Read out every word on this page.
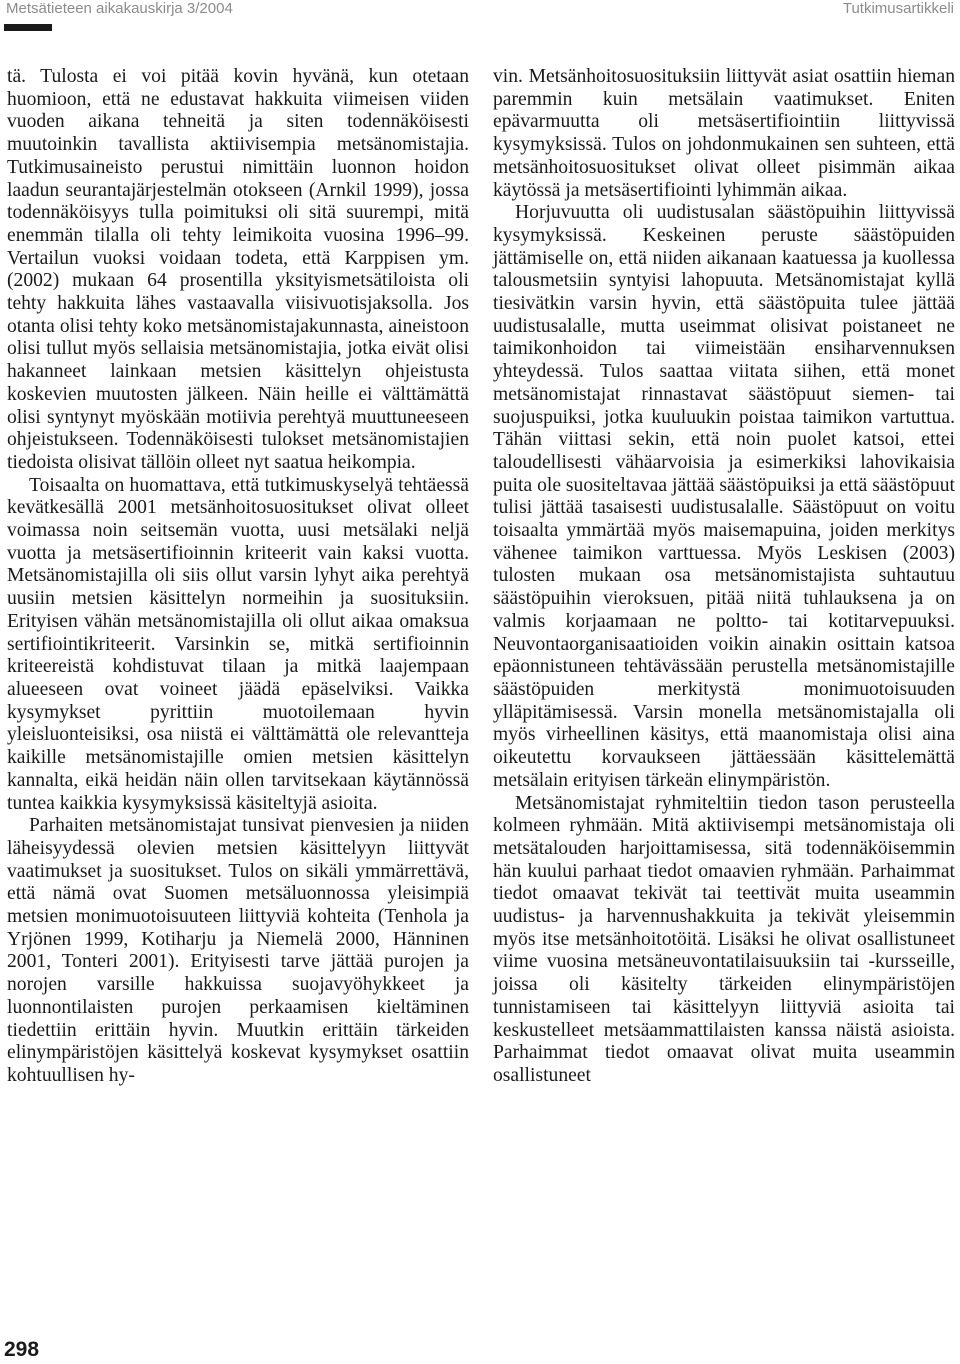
Metsätieteen aikakauskirja 3/2004	Tutkimusartikkeli

tä. Tulosta ei voi pitää kovin hyvänä, kun otetaan huomioon, että ne edustavat hakkuita viimeisen viiden vuoden aikana tehneitä ja siten todennäköisesti muutoinkin tavallista aktiivisempia metsänomistajia. Tutkimusaineisto perustui nimittäin luonnon hoidon laadun seurantajärjestelmän otokseen (Arnkil 1999), jossa todennäköisyys tulla poimituksi oli sitä suurempi, mitä enemmän tilalla oli tehty leimikoita vuosina 1996–99. Vertailun vuoksi voidaan todeta, että Karppisen ym. (2002) mukaan 64 prosentilla yksityismetsätiloista oli tehty hakkuita lähes vastaavalla viisivuotisjaksolla. Jos otanta olisi tehty koko metsänomistajakunnasta, aineistoon olisi tullut myös sellaisia metsänomistajia, jotka eivät olisi hakanneet lainkaan metsien käsittelyn ohjeistusta koskevien muutosten jälkeen. Näin heille ei välttämättä olisi syntynyt myöskään motiivia perehtyä muuttuneeseen ohjeistukseen. Todennäköisesti tulokset metsänomistajien tiedoista olisivat tällöin olleet nyt saatua heikompia.

Toisaalta on huomattava, että tutkimuskyselyä tehtäessä kevätkesällä 2001 metsänhoitosuositukset olivat olleet voimassa noin seitsemän vuotta, uusi metsälaki neljä vuotta ja metsäsertifioinnin kriteerit vain kaksi vuotta. Metsänomistajilla oli siis ollut varsin lyhyt aika perehtyä uusiin metsien käsittelyn normeihin ja suosituksiin. Erityisen vähän metsänomistajilla oli ollut aikaa omaksua sertifiointikriteerit. Varsinkin se, mitkä sertifioinnin kriteereistä kohdistuvat tilaan ja mitkä laajempaan alueeseen ovat voineet jäädä epäselviksi. Vaikka kysymykset pyrittiin muotoilemaan hyvin yleisluonteisiksi, osa niistä ei välttämättä ole relevantteja kaikille metsänomistajille omien metsien käsittelyn kannalta, eikä heidän näin ollen tarvitsekaan käytännössä tuntea kaikkia kysymyksissä käsiteltyjä asioita.

Parhaiten metsänomistajat tunsivat pienvesien ja niiden läheisyydessä olevien metsien käsittelyyn liittyvät vaatimukset ja suositukset. Tulos on sikäli ymmärrettävä, että nämä ovat Suomen metsäluonnossa yleisimpiä metsien monimuotoisuuteen liittyviä kohteita (Tenhola ja Yrjönen 1999, Kotiharju ja Niemelä 2000, Hänninen 2001, Tonteri 2001). Erityisesti tarve jättää purojen ja norojen varsille hakkuissa suojavyöhykkeet ja luonnontilaisten purojen perkaamisen kieltäminen tiedettiin erittäin hyvin. Muutkin erittäin tärkeiden elinympäristöjen käsittelyä koskevat kysymykset osattiin kohtuullisen hy-

vin. Metsänhoitosuosituksiin liittyvät asiat osattiin hieman paremmin kuin metsälain vaatimukset. Eniten epävarmuutta oli metsäsertifiointiin liittyvissä kysymyksissä. Tulos on johdonmukainen sen suhteen, että metsänhoitosuositukset olivat olleet pisimmän aikaa käytössä ja metsäsertifiointi lyhimmän aikaa.

Horjuvuutta oli uudistusalan säästöpuihin liittyvissä kysymyksissä. Keskeinen peruste säästöpuiden jättämiselle on, että niiden aikanaan kaatuessa ja kuollessa talousmetsiin syntyisi lahopuuta. Metsänomistajat kyllä tiesivätkin varsin hyvin, että säästöpuita tulee jättää uudistusalalle, mutta useimmat olisivat poistaneet ne taimikonhoidon tai viimeistään ensiharvennuksen yhteydessä. Tulos saattaa viitata siihen, että monet metsänomistajat rinnastavat säästöpuut siemen- tai suojuspuiksi, jotka kuuluukin poistaa taimikon vartuttua. Tähän viittasi sekin, että noin puolet katsoi, ettei taloudellisesti vähäarvoisia ja esimerkiksi lahovikaisia puita ole suositeltavaa jättää säästöpuiksi ja että säästöpuut tulisi jättää tasaisesti uudistusalalle. Säästöpuut on voitu toisaalta ymmärtää myös maisemapuina, joiden merkitys vähenee taimikon varttuessa. Myös Leskisen (2003) tulosten mukaan osa metsänomistajista suhtautuu säästöpuihin vieroksuen, pitää niitä tuhlauksena ja on valmis korjaamaan ne poltto- tai kotitarvepuuksi. Neuvontaorganisaatioiden voikin ainakin osittain katsoa epäonnistuneen tehtävässään perustella metsänomistajille säästöpuiden merkitystä monimuotoisuuden ylläpitämisessä. Varsin monella metsänomistajalla oli myös virheellinen käsitys, että maanomistaja olisi aina oikeutettu korvaukseen jättäessään käsittelemättä metsälain erityisen tärkeän elinympäristön.

Metsänomistajat ryhmiteltiin tiedon tason perusteella kolmeen ryhmään. Mitä aktiivisempi metsänomistaja oli metsätalouden harjoittamisessa, sitä todennäköisemmin hän kuului parhaat tiedot omaavien ryhmään. Parhaimmat tiedot omaavat tekivät tai teettivät muita useammin uudistus- ja harvennushakkuita ja tekivät yleisemmin myös itse metsänhoitotöitä. Lisäksi he olivat osallistuneet viime vuosina metsäneuvontatilaisuuksiin tai -kursseille, joissa oli käsitelty tärkeiden elinympäristöjen tunnistamiseen tai käsittelyyn liittyviä asioita tai keskustelleet metsäammattilaisten kanssa näistä asioista. Parhaimmat tiedot omaavat olivat muita useammin osallistuneet

298
